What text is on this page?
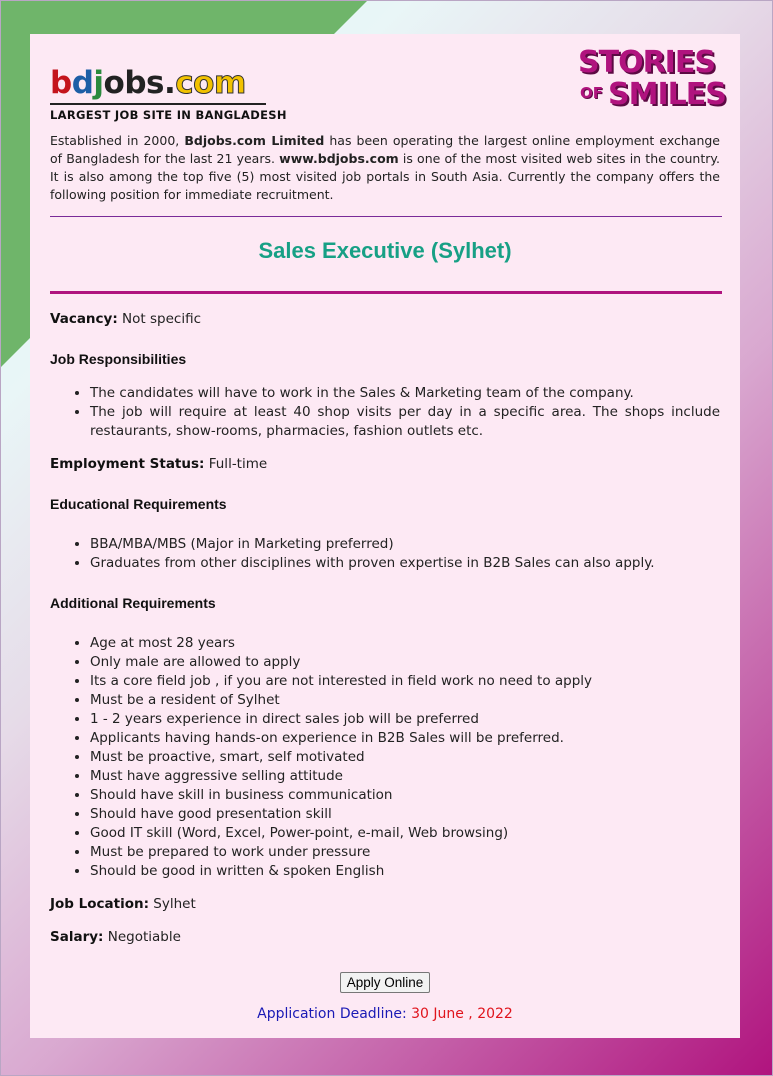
bdjobs.com
LARGEST JOB SITE IN BANGLADESH
STORIES
OF SMILES

Established in 2000, Bdjobs.com Limited has been operating the largest online employment exchange of Bangladesh for the last 21 years. www.bdjobs.com is one of the most visited web sites in the country. It is also among the top five (5) most visited job portals in South Asia. Currently the company offers the following position for immediate recruitment.

Sales Executive (Sylhet)

Vacancy: Not specific

Job Responsibilities
• The candidates will have to work in the Sales & Marketing team of the company.
• The job will require at least 40 shop visits per day in a specific area. The shops include restaurants, show-rooms, pharmacies, fashion outlets etc.

Employment Status: Full-time

Educational Requirements
• BBA/MBA/MBS (Major in Marketing preferred)
• Graduates from other disciplines with proven expertise in B2B Sales can also apply.
Additional Requirements
• Age at most 28 years
• Only male are allowed to apply
• Its a core field job , if you are not interested in field work no need to apply
• Must be a resident of Sylhet
• 1 - 2 years experience in direct sales job will be preferred
• Applicants having hands-on experience in B2B Sales will be preferred.
• Must be proactive, smart, self motivated
• Must have aggressive selling attitude
• Should have skill in business communication
• Should have good presentation skill
• Good IT skill (Word, Excel, Power-point, e-mail, Web browsing)
• Must be prepared to work under pressure
• Should be good in written & spoken English

Job Location: Sylhet

Salary: Negotiable

Apply Online
Application Deadline: 30 June , 2022
